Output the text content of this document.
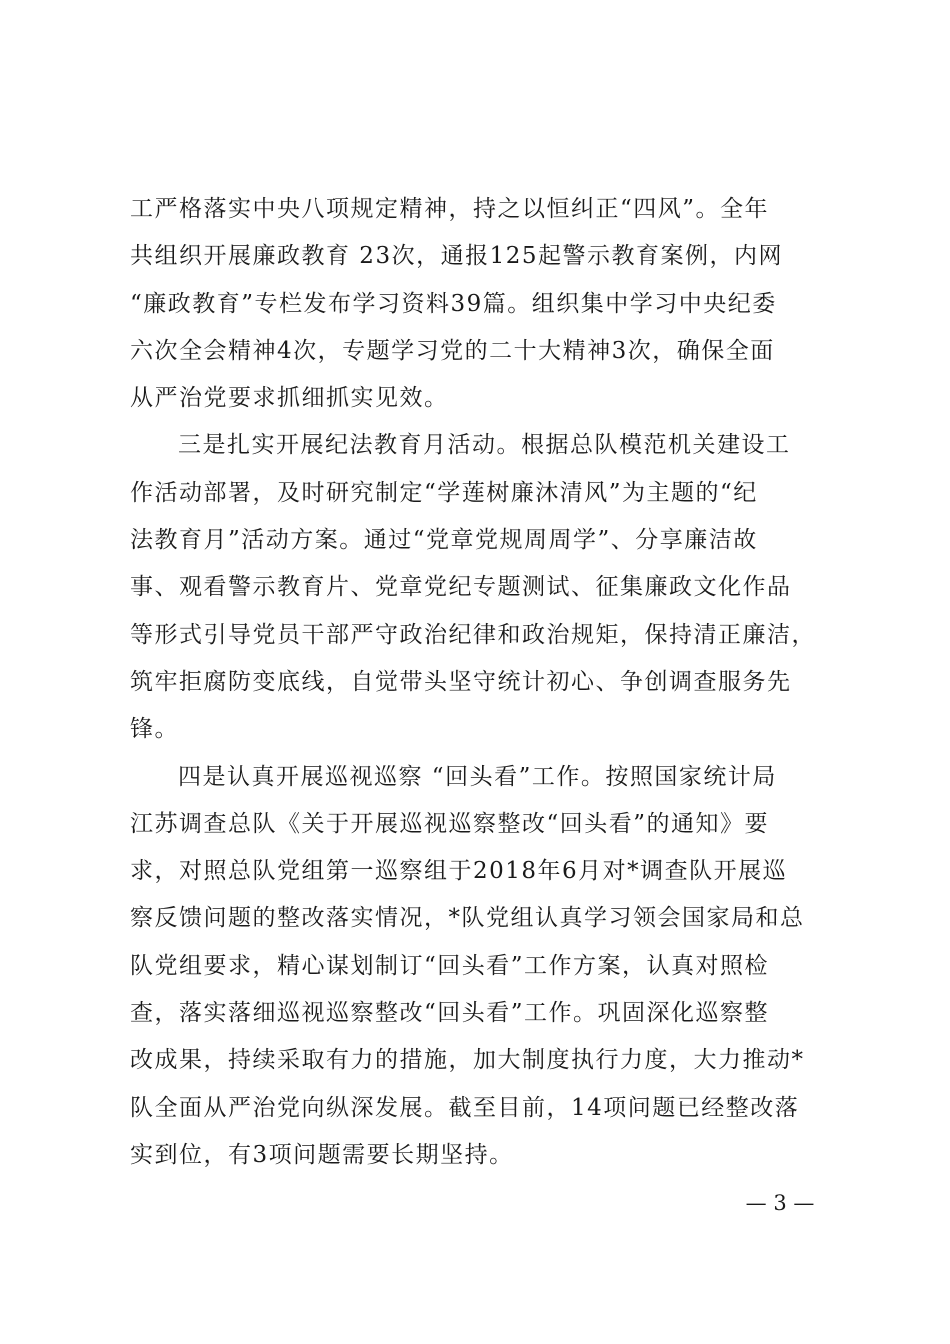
工严格落实中央八项规定精神，持之以恒纠正“四风”。全年
共组织开展廉政教育 23次，通报125起警示教育案例，内网
“廉政教育”专栏发布学习资料39篇。组织集中学习中央纪委
六次全会精神4次，专题学习党的二十大精神3次，确保全面
从严治党要求抓细抓实见效。
三是扎实开展纪法教育月活动。根据总队模范机关建设工
作活动部署，及时研究制定“学莲树廉沐清风”为主题的“纪
法教育月”活动方案。通过“党章党规周周学”、分享廉洁故
事、观看警示教育片、党章党纪专题测试、征集廉政文化作品
等形式引导党员干部严守政治纪律和政治规矩，保持清正廉洁，
筑牢拒腐防变底线，自觉带头坚守统计初心、争创调查服务先
锋。
四是认真开展巡视巡察 “回头看”工作。按照国家统计局
江苏调查总队《关于开展巡视巡察整改“回头看”的通知》要
求，对照总队党组第一巡察组于2018年6月对*调查队开展巡
察反馈问题的整改落实情况，*队党组认真学习领会国家局和总
队党组要求，精心谋划制订“回头看”工作方案，认真对照检
查，落实落细巡视巡察整改“回头看”工作。巩固深化巡察整
改成果，持续采取有力的措施，加大制度执行力度，大力推动*
队全面从严治党向纵深发展。截至目前，14项问题已经整改落
实到位，有3项问题需要长期坚持。
— 3 —
